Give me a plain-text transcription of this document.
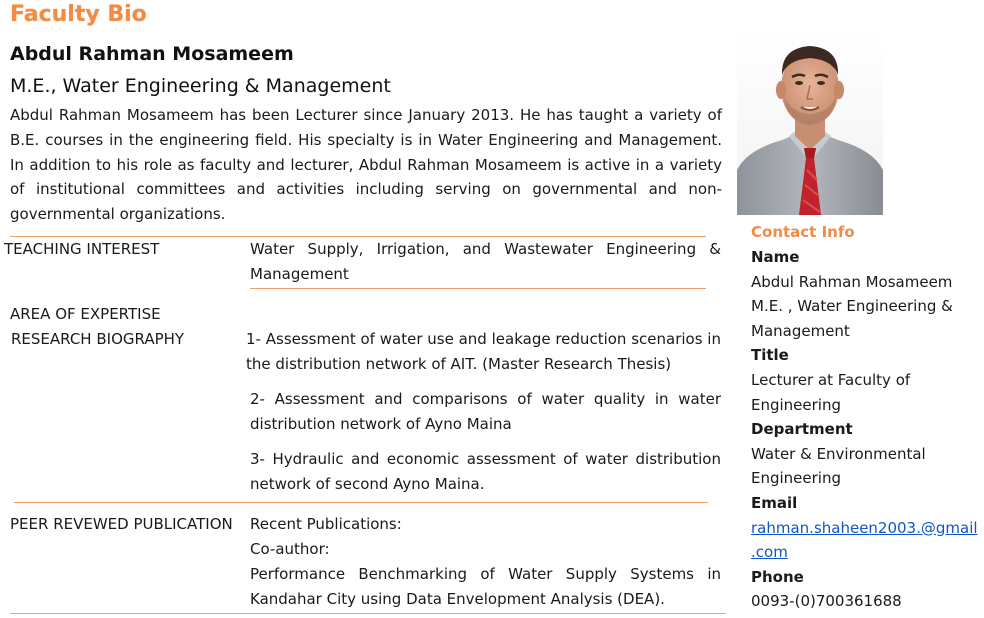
Faculty Bio
Abdul Rahman Mosameem
M.E., Water Engineering & Management
Abdul Rahman Mosameem has been Lecturer since January 2013. He has taught a variety of B.E. courses in the engineering field. His specialty is in Water Engineering and Management. In addition to his role as faculty and lecturer, Abdul Rahman Mosameem is active in a variety of institutional committees and activities including serving on governmental and non-governmental organizations.
TEACHING INTEREST	Water Supply, Irrigation, and Wastewater Engineering & Management
AREA OF EXPERTISE
RESEARCH BIOGRAPHY	1- Assessment of water use and leakage reduction scenarios in the distribution network of AIT. (Master Research Thesis)
2- Assessment and comparisons of water quality in water distribution network of Ayno Maina
3- Hydraulic and economic assessment of water distribution network of second Ayno Maina.
PEER REVEWED PUBLICATION Recent Publications:
Co-author:
Performance Benchmarking of Water Supply Systems in Kandahar City using Data Envelopment Analysis (DEA).
Contact Info
Name
Abdul Rahman Mosameem
M.E. , Water Engineering & Management
Title
Lecturer at Faculty of Engineering
Department
Water & Environmental Engineering
Email
rahman.shaheen2003.@gmail
.com
Phone
0093-(0)700361688
